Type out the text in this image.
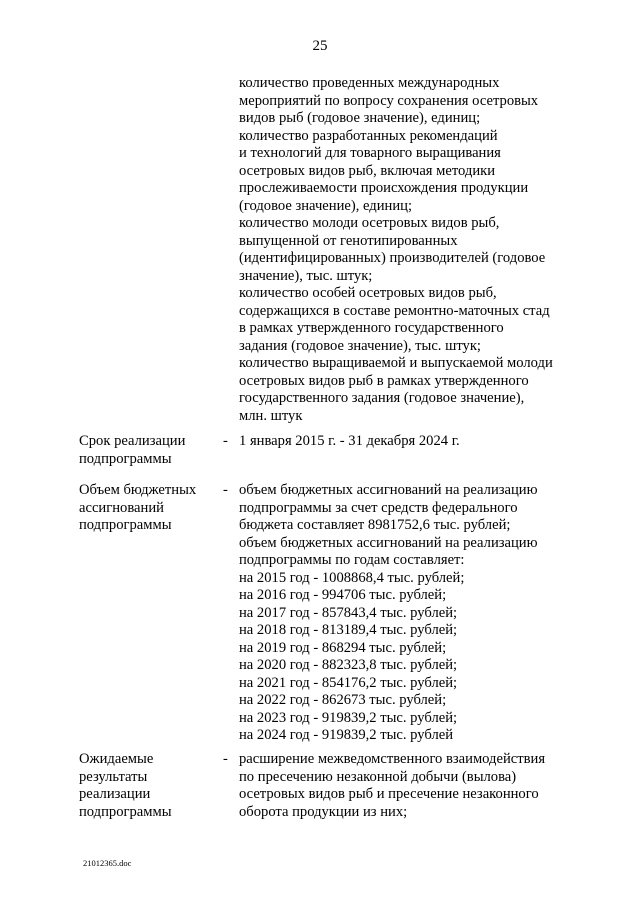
25
количество проведенных международных
мероприятий по вопросу сохранения осетровых
видов рыб (годовое значение), единиц;
количество разработанных рекомендаций
и технологий для товарного выращивания
осетровых видов рыб, включая методики
прослеживаемости происхождения продукции
(годовое значение), единиц;
количество молоди осетровых видов рыб,
выпущенной от генотипированных
(идентифицированных) производителей (годовое
значение), тыс. штук;
количество особей осетровых видов рыб,
содержащихся в составе ремонтно-маточных стад
в рамках утвержденного государственного
задания (годовое значение), тыс. штук;
количество выращиваемой и выпускаемой молоди
осетровых видов рыб в рамках утвержденного
государственного задания (годовое значение),
млн. штук
Срок реализации
подпрограммы
- 1 января 2015 г. - 31 декабря 2024 г.
Объем бюджетных
ассигнований
подпрограммы
- объем бюджетных ассигнований на реализацию
подпрограммы за счет средств федерального
бюджета составляет 8981752,6 тыс. рублей;
объем бюджетных ассигнований на реализацию
подпрограммы по годам составляет:
на 2015 год - 1008868,4 тыс. рублей;
на 2016 год - 994706 тыс. рублей;
на 2017 год - 857843,4 тыс. рублей;
на 2018 год - 813189,4 тыс. рублей;
на 2019 год - 868294 тыс. рублей;
на 2020 год - 882323,8 тыс. рублей;
на 2021 год - 854176,2 тыс. рублей;
на 2022 год - 862673 тыс. рублей;
на 2023 год - 919839,2 тыс. рублей;
на 2024 год - 919839,2 тыс. рублей
Ожидаемые
результаты
реализации
подпрограммы
- расширение межведомственного взаимодействия
по пресечению незаконной добычи (вылова)
осетровых видов рыб и пресечение незаконного
оборота продукции из них;
21012365.doc
